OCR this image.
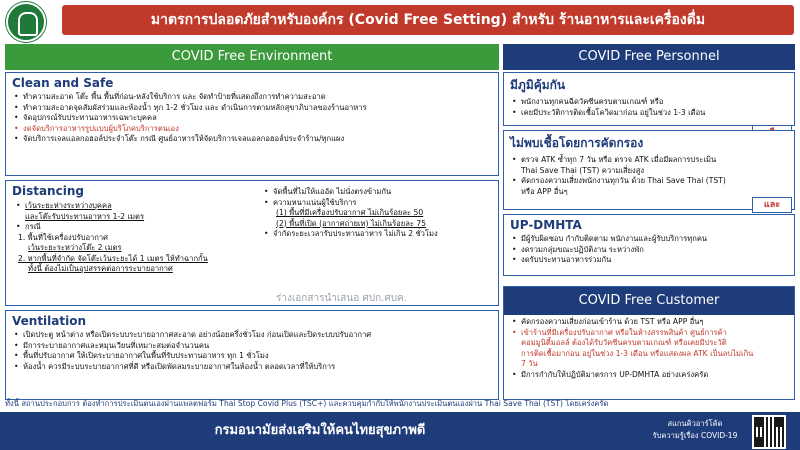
มาตรการปลอดภัยสำหรับองค์กร (Covid Free Setting) สำหรับ ร้านอาหารและเครื่องดื่ม
COVID Free Environment	COVID Free Personnel
Clean and Safe
• ทำความสะอาด โต๊ะ พื้น พื้นที่ก่อน-หลังใช้บริการ และ จัดทำป้ายที่แสดงถึงการทำความสะอาด
• ทำความสะอาดจุดสัมผัสร่วมและห้องน้ำ ทุก 1-2 ชั่วโมง และ ดำเนินการตามหลักสุขาภิบาลของร้านอาหาร
• จัดอุปกรณ์รับประทานอาหารเฉพาะบุคคล
• งดจัดบริการอาหารรูปแบบผู้บริโภคบริการตนเอง
• จัดบริการเจลแอลกอฮอล์ประจำโต๊ะ กรณี ศูนย์อาหารให้จัดบริการเจลแอลกอฮอล์ประจำร้าน/ทุกแผง
Distancing
• เว้นระยะห่างระหว่างบุคคล
และโต๊ะรับประทานอาหาร 1-2 เมตร
• กรณี
1. พื้นที่ใช้เครื่องปรับอากาศ
เว้นระยะระหว่างโต๊ะ 2 เมตร
2. หากพื้นที่จำกัด จัดโต๊ะเว้นระยะได้ 1 เมตร ให้ทำฉากกั้น
ทั้งนี้ ต้องไม่เป็นอุปสรรคต่อการระบายอากาศ
• จัดพื้นที่ไม่ให้แออัด ไม่นั่งตรงข้ามกัน
• ความหนาแน่นผู้ใช้บริการ
(1) พื้นที่มีเครื่องปรับอากาศ ไม่เกินร้อยละ 50
(2) พื้นที่เปิด (อากาศถ่ายเท) ไม่เกินร้อยละ 75
• จำกัดระยะเวลารับประทานอาหาร ไม่เกิน 2 ชั่วโมง
ร่างเอกสารนำเสนอ ศปก.ศบค.
Ventilation
• เปิดประตู หน้าต่าง หรือเปิดระบบระบายอากาศสะอาด อย่างน้อยครึ่งชั่วโมง ก่อนเปิดและปิดระบบปรับอากาศ
• มีการระบายอากาศและหมุนเวียนที่เหมาะสมต่อจำนวนคน
• พื้นที่ปรับอากาศ ให้เปิดระบายอากาศในพื้นที่รับประทานอาหาร ทุก 1 ชั่วโมง
• ห้องน้ำ ควรมีระบบระบายอากาศที่ดี หรือเปิดพัดลมระบายอากาศในห้องน้ำ ตลอดเวลาที่ให้บริการ
มีภูมิคุ้มกัน
• พนักงานทุกคนฉีดวัคซีนครบตามเกณฑ์ หรือ
• เคยมีประวัติการติดเชื้อโควิดมาก่อน อยู่ในช่วง 1-3 เดือน
ไม่พบเชื้อโดยการคัดกรอง
• ตรวจ ATK ซ้ำทุก 7 วัน หรือ ตรวจ ATK เมื่อมีผลการประเมิน
Thai Save Thai (TST) ความเสี่ยงสูง
• คัดกรองความเสี่ยงพนักงานทุกวัน ด้วย Thai Save Thai (TST)
หรือ APP อื่นๆ
และ
UP-DMHTA
• มีผู้รับผิดชอบ กำกับติดตาม พนักงานและผู้รับบริการทุกคน
• งดรวมกลุ่มขณะปฏิบัติงาน ระหว่างพัก
• งดรับประทานอาหารร่วมกัน
COVID Free Customer
• คัดกรองความเสี่ยงก่อนเข้าร้าน ด้วย TST หรือ APP อื่นๆ
• เข้าร้านที่มีเครื่องปรับอากาศ หรือในห้างสรรพสินค้า ศูนย์การค้า
คอมมูนิตี้มอลล์ ต้องได้รับวัคซีนครบตามเกณฑ์ หรือเคยมีประวัติ
การติดเชื้อมาก่อน อยู่ในช่วง 1-3 เดือน หรือแสดงผล ATK เป็นลบไม่เกิน
7 วัน
• มีการกำกับให้ปฏิบัติมาตรการ UP-DMHTA อย่างเคร่งครัด
ทั้งนี้ สถานประกอบการ ต้องทำการประเมินตนเองผ่านแพลตฟอร์ม Thai Stop Covid Plus (TSC+) และควบคุมกำกับให้พนักงานประเมินตนเองผ่าน Thai Save Thai (TST) โดยเคร่งครัด
กรมอนามัยส่งเสริมให้คนไทยสุขภาพดี	สแกนคิวอาร์โค้ด
รับความรู้เรื่อง COVID-19
